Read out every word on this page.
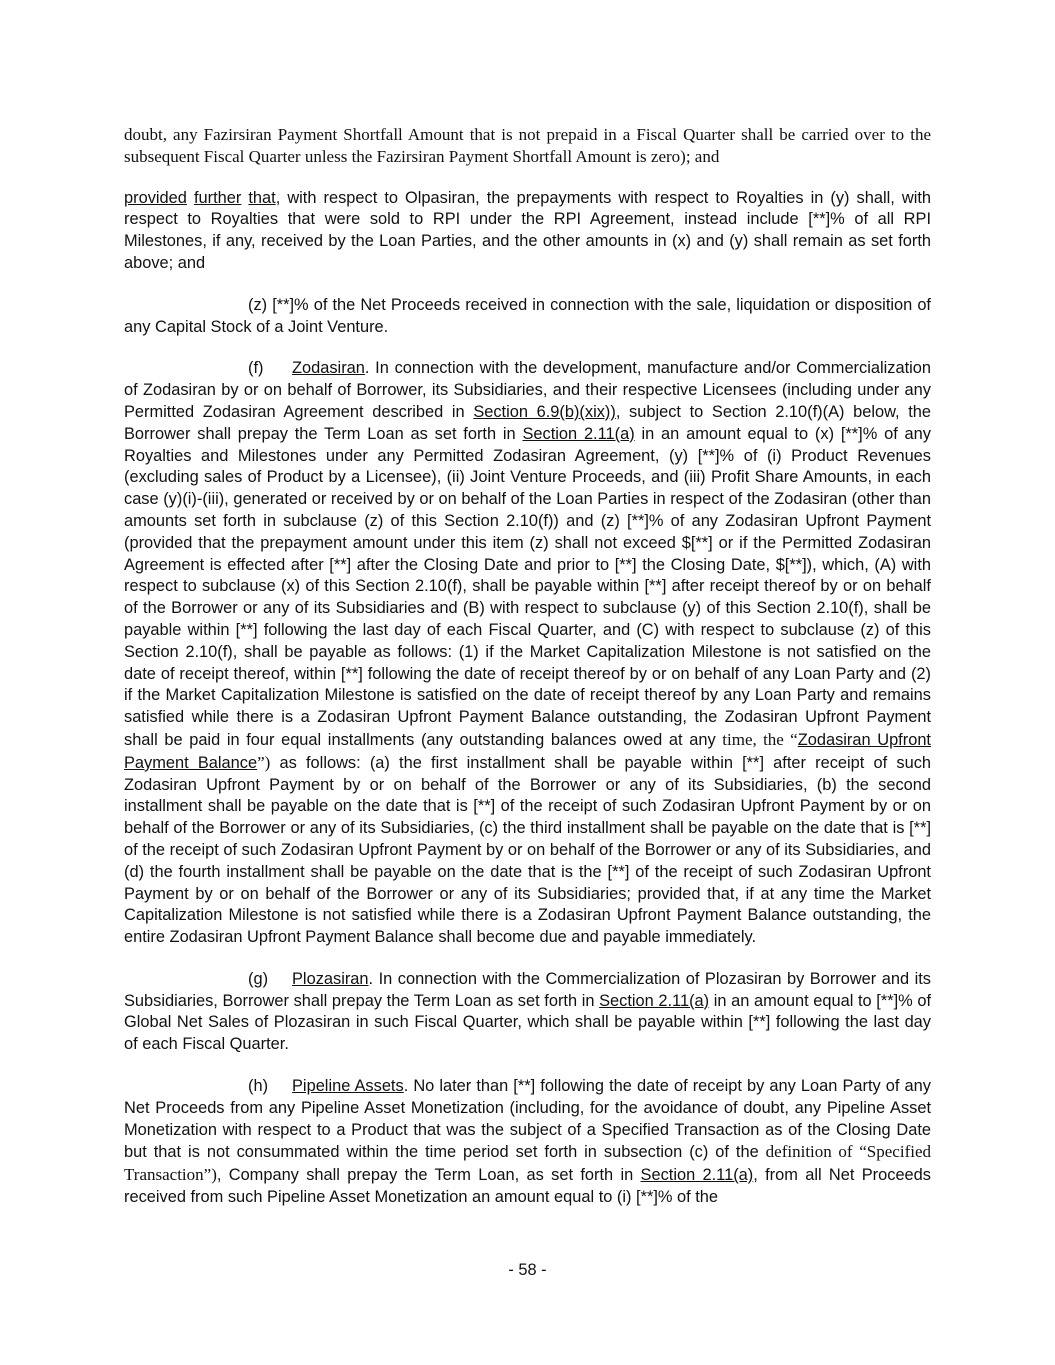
doubt, any Fazirsiran Payment Shortfall Amount that is not prepaid in a Fiscal Quarter shall be carried over to the subsequent Fiscal Quarter unless the Fazirsiran Payment Shortfall Amount is zero); and

provided further that, with respect to Olpasiran, the prepayments with respect to Royalties in (y) shall, with respect to Royalties that were sold to RPI under the RPI Agreement, instead include [**]% of all RPI Milestones, if any, received by the Loan Parties, and the other amounts in (x) and (y) shall remain as set forth above; and

(z) [**]% of the Net Proceeds received in connection with the sale, liquidation or disposition of any Capital Stock of a Joint Venture.

(f) Zodasiran. In connection with the development, manufacture and/or Commercialization of Zodasiran by or on behalf of Borrower, its Subsidiaries, and their respective Licensees (including under any Permitted Zodasiran Agreement described in Section 6.9(b)(xix)), subject to Section 2.10(f)(A) below, the Borrower shall prepay the Term Loan as set forth in Section 2.11(a) in an amount equal to (x) [**]% of any Royalties and Milestones under any Permitted Zodasiran Agreement, (y) [**]% of (i) Product Revenues (excluding sales of Product by a Licensee), (ii) Joint Venture Proceeds, and (iii) Profit Share Amounts, in each case (y)(i)-(iii), generated or received by or on behalf of the Loan Parties in respect of the Zodasiran (other than amounts set forth in subclause (z) of this Section 2.10(f)) and (z) [**]% of any Zodasiran Upfront Payment (provided that the prepayment amount under this item (z) shall not exceed $[**] or if the Permitted Zodasiran Agreement is effected after [**] after the Closing Date and prior to [**] the Closing Date, $[**]), which, (A) with respect to subclause (x) of this Section 2.10(f), shall be payable within [**] after receipt thereof by or on behalf of the Borrower or any of its Subsidiaries and (B) with respect to subclause (y) of this Section 2.10(f), shall be payable within [**] following the last day of each Fiscal Quarter, and (C) with respect to subclause (z) of this Section 2.10(f), shall be payable as follows: (1) if the Market Capitalization Milestone is not satisfied on the date of receipt thereof, within [**] following the date of receipt thereof by or on behalf of any Loan Party and (2) if the Market Capitalization Milestone is satisfied on the date of receipt thereof by any Loan Party and remains satisfied while there is a Zodasiran Upfront Payment Balance outstanding, the Zodasiran Upfront Payment shall be paid in four equal installments (any outstanding balances owed at any time, the “Zodasiran Upfront Payment Balance”) as follows: (a) the first installment shall be payable within [**] after receipt of such Zodasiran Upfront Payment by or on behalf of the Borrower or any of its Subsidiaries, (b) the second installment shall be payable on the date that is [**] of the receipt of such Zodasiran Upfront Payment by or on behalf of the Borrower or any of its Subsidiaries, (c) the third installment shall be payable on the date that is [**] of the receipt of such Zodasiran Upfront Payment by or on behalf of the Borrower or any of its Subsidiaries, and (d) the fourth installment shall be payable on the date that is the [**] of the receipt of such Zodasiran Upfront Payment by or on behalf of the Borrower or any of its Subsidiaries; provided that, if at any time the Market Capitalization Milestone is not satisfied while there is a Zodasiran Upfront Payment Balance outstanding, the entire Zodasiran Upfront Payment Balance shall become due and payable immediately.

(g) Plozasiran. In connection with the Commercialization of Plozasiran by Borrower and its Subsidiaries, Borrower shall prepay the Term Loan as set forth in Section 2.11(a) in an amount equal to [**]% of Global Net Sales of Plozasiran in such Fiscal Quarter, which shall be payable within [**] following the last day of each Fiscal Quarter.

(h) Pipeline Assets. No later than [**] following the date of receipt by any Loan Party of any Net Proceeds from any Pipeline Asset Monetization (including, for the avoidance of doubt, any Pipeline Asset Monetization with respect to a Product that was the subject of a Specified Transaction as of the Closing Date but that is not consummated within the time period set forth in subsection (c) of the definition of “Specified Transaction”), Company shall prepay the Term Loan, as set forth in Section 2.11(a), from all Net Proceeds received from such Pipeline Asset Monetization an amount equal to (i) [**]% of the

- 58 -
